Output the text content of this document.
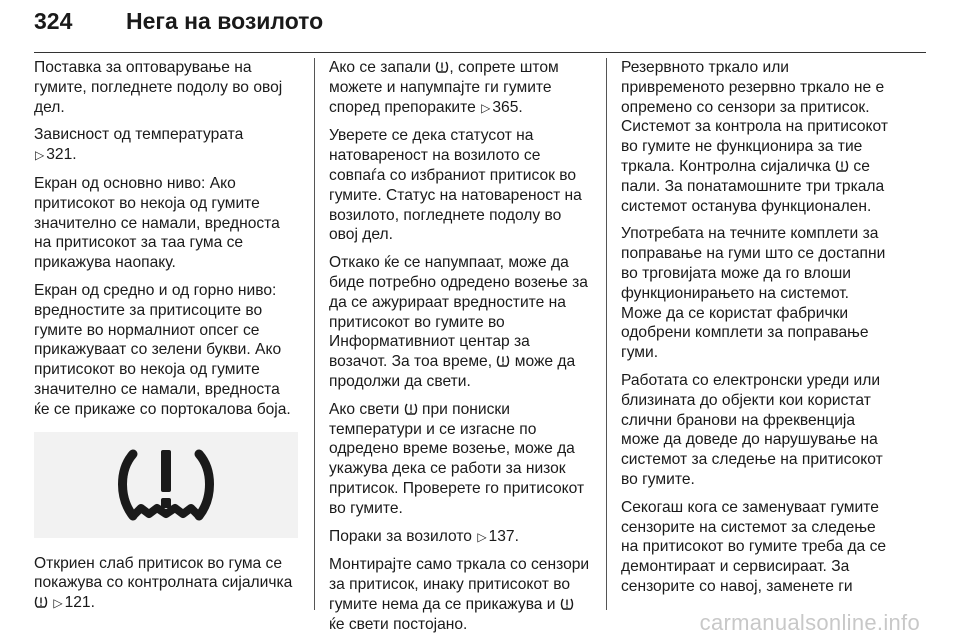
324 Нега на возилото

Поставка за оптоварување на гумите, погледнете подолу во овој дел.

Зависност од температурата
▷ 321.

Екран од основно ниво: Ако притисокот во некоја од гумите значително се намали, вредноста на притисокот за таа гума се прикажува наопаку.

Екран од средно и од горно ниво: вредностите за притисоците во гумите во нормалниот опсег се прикажуваат со зелени букви. Ако притисокот во некоја од гумите значително се намали, вредноста ќе се прикаже со портокалова боја.

Откриен слаб притисок во гума се покажува со контролната сијаличка
▷ 121.

Ако се запали , сопрете штом можете и напумпајте ги гумите според препораките ▷ 365.

Уверете се дека статусот на натовареност на возилото се совпаѓа со избраниот притисок во гумите. Статус на натовареност на возилото, погледнете подолу во овој дел.

Откако ќе се напумпаат, може да биде потребно одредено возење за да се ажурираат вредностите на притисокот во гумите во Информативниот центар за возачот. За тоа време, може да продолжи да свети.

Ако свети при пониски температури и се изгасне по одредено време возење, може да укажува дека се работи за низок притисок. Проверете го притисокот во гумите.

Пораки за возилото ▷ 137.

Монтирајте само тркала со сензори за притисок, инаку притисокот во гумите нема да се прикажува и  ќе свети постојано.

Резервното тркало или привременото резервно тркало не е опремено со сензори за притисок. Системот за контрола на притисокот во гумите не функционира за тие тркала. Контролна сијаличка се пали. За понатамошните три тркала системот останува функционален.

Употребата на течните комплети за поправање на гуми што се достапни во трговијата може да го влоши функционирањето на системот. Може да се користат фабрички одобрени комплети за поправање гуми.

Работата со електронски уреди или близината до објекти кои користат слични бранови на фреквенција може да доведе до нарушување на системот за следење на притисокот во гумите.

Секогаш кога се заменуваат гумите сензорите на системот за следење на притисокот во гумите треба да се демонтираат и сервисираат. За сензорите со навој, заменете ги

carmanualsonline.info
